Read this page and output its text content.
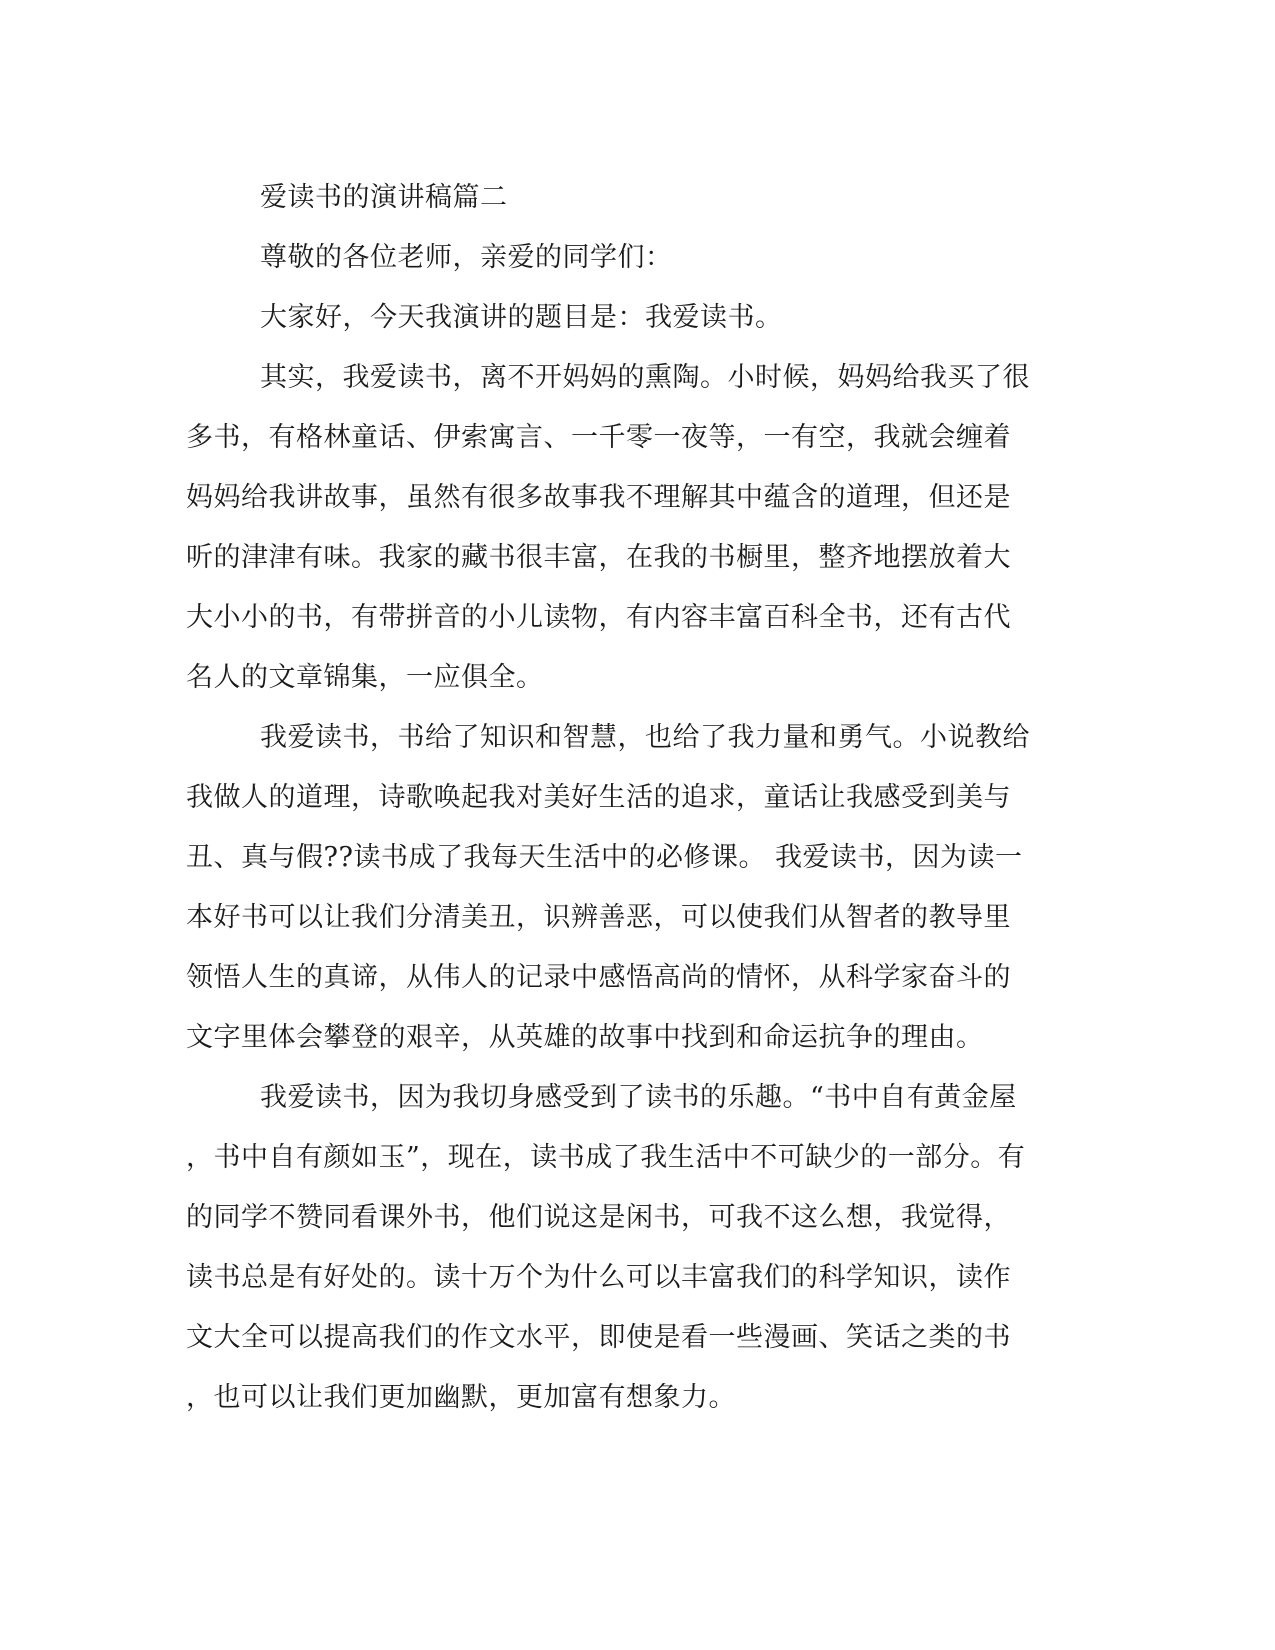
爱读书的演讲稿篇二
尊敬的各位老师，亲爱的同学们：
大家好，今天我演讲的题目是：我爱读书。
其实，我爱读书，离不开妈妈的熏陶。小时候，妈妈给我买了很
多书，有格林童话、伊索寓言、一千零一夜等，一有空，我就会缠着
妈妈给我讲故事，虽然有很多故事我不理解其中蕴含的道理，但还是
听的津津有味。我家的藏书很丰富，在我的书橱里，整齐地摆放着大
大小小的书，有带拼音的小儿读物，有内容丰富百科全书，还有古代
名人的文章锦集，一应俱全。
我爱读书，书给了知识和智慧，也给了我力量和勇气。小说教给
我做人的道理，诗歌唤起我对美好生活的追求，童话让我感受到美与
丑、真与假??读书成了我每天生活中的必修课。 我爱读书，因为读一
本好书可以让我们分清美丑，识辨善恶，可以使我们从智者的教导里
领悟人生的真谛，从伟人的记录中感悟高尚的情怀，从科学家奋斗的
文字里体会攀登的艰辛，从英雄的故事中找到和命运抗争的理由。
我爱读书，因为我切身感受到了读书的乐趣。“书中自有黄金屋
，书中自有颜如玉”，现在，读书成了我生活中不可缺少的一部分。有
的同学不赞同看课外书，他们说这是闲书，可我不这么想，我觉得，
读书总是有好处的。读十万个为什么可以丰富我们的科学知识，读作
文大全可以提高我们的作文水平，即使是看一些漫画、笑话之类的书
，也可以让我们更加幽默，更加富有想象力。
